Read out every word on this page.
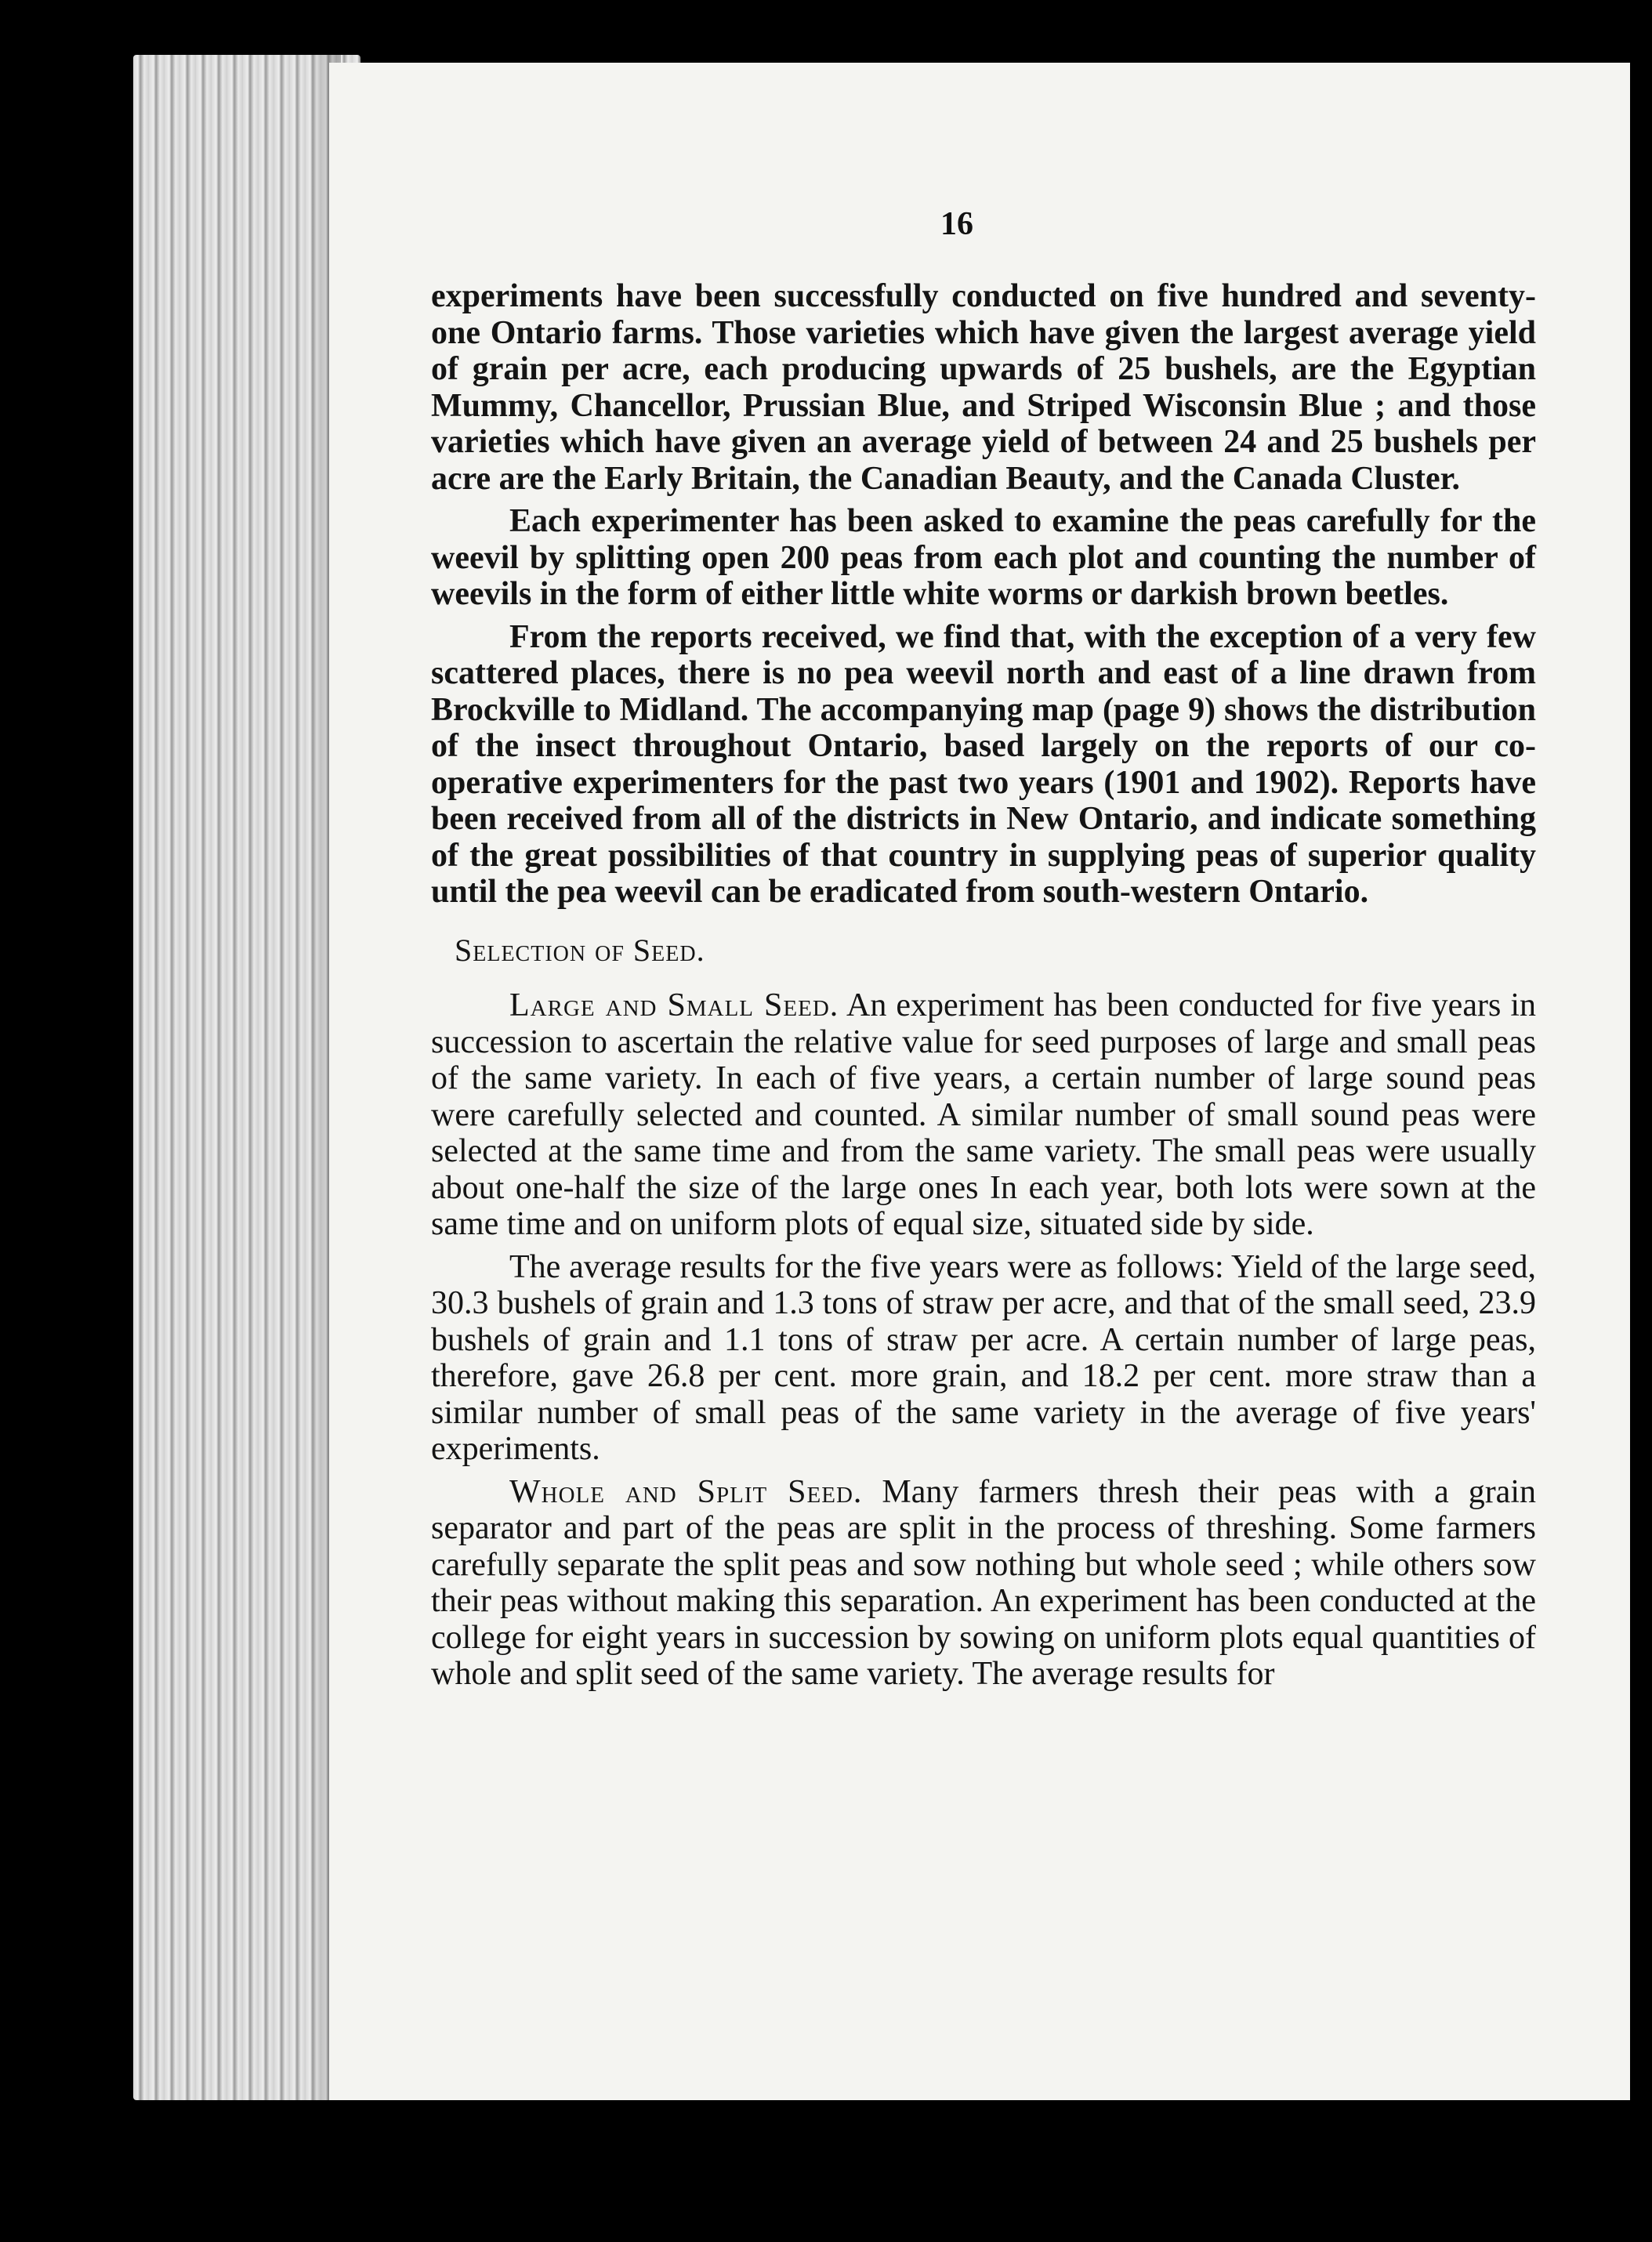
16

experiments have been successfully conducted on five hundred and seventy-one Ontario farms. Those varieties which have given the largest average yield of grain per acre, each producing upwards of 25 bushels, are the Egyptian Mummy, Chancellor, Prussian Blue, and Striped Wisconsin Blue ; and those varieties which have given an average yield of between 24 and 25 bushels per acre are the Early Britain, the Canadian Beauty, and the Canada Cluster.

Each experimenter has been asked to examine the peas carefully for the weevil by splitting open 200 peas from each plot and counting the number of weevils in the form of either little white worms or darkish brown beetles.

From the reports received, we find that, with the exception of a very few scattered places, there is no pea weevil north and east of a line drawn from Brockville to Midland. The accompanying map (page 9) shows the distribution of the insect throughout Ontario, based largely on the reports of our co-operative experimenters for the past two years (1901 and 1902). Reports have been received from all of the districts in New Ontario, and indicate something of the great possibilities of that country in supplying peas of superior quality until the pea weevil can be eradicated from south-western Ontario.

Selection of Seed.

Large and Small Seed. An experiment has been conducted for five years in succession to ascertain the relative value for seed purposes of large and small peas of the same variety. In each of five years, a certain number of large sound peas were carefully selected and counted. A similar number of small sound peas were selected at the same time and from the same variety. The small peas were usually about one-half the size of the large ones In each year, both lots were sown at the same time and on uniform plots of equal size, situated side by side.

The average results for the five years were as follows: Yield of the large seed, 30.3 bushels of grain and 1.3 tons of straw per acre, and that of the small seed, 23.9 bushels of grain and 1.1 tons of straw per acre. A certain number of large peas, therefore, gave 26.8 per cent. more grain, and 18.2 per cent. more straw than a similar number of small peas of the same variety in the average of five years' experiments.

Whole and Split Seed. Many farmers thresh their peas with a grain separator and part of the peas are split in the process of threshing. Some farmers carefully separate the split peas and sow nothing but whole seed ; while others sow their peas without making this separation. An experiment has been conducted at the college for eight years in succession by sowing on uniform plots equal quantities of whole and split seed of the same variety. The average results for
